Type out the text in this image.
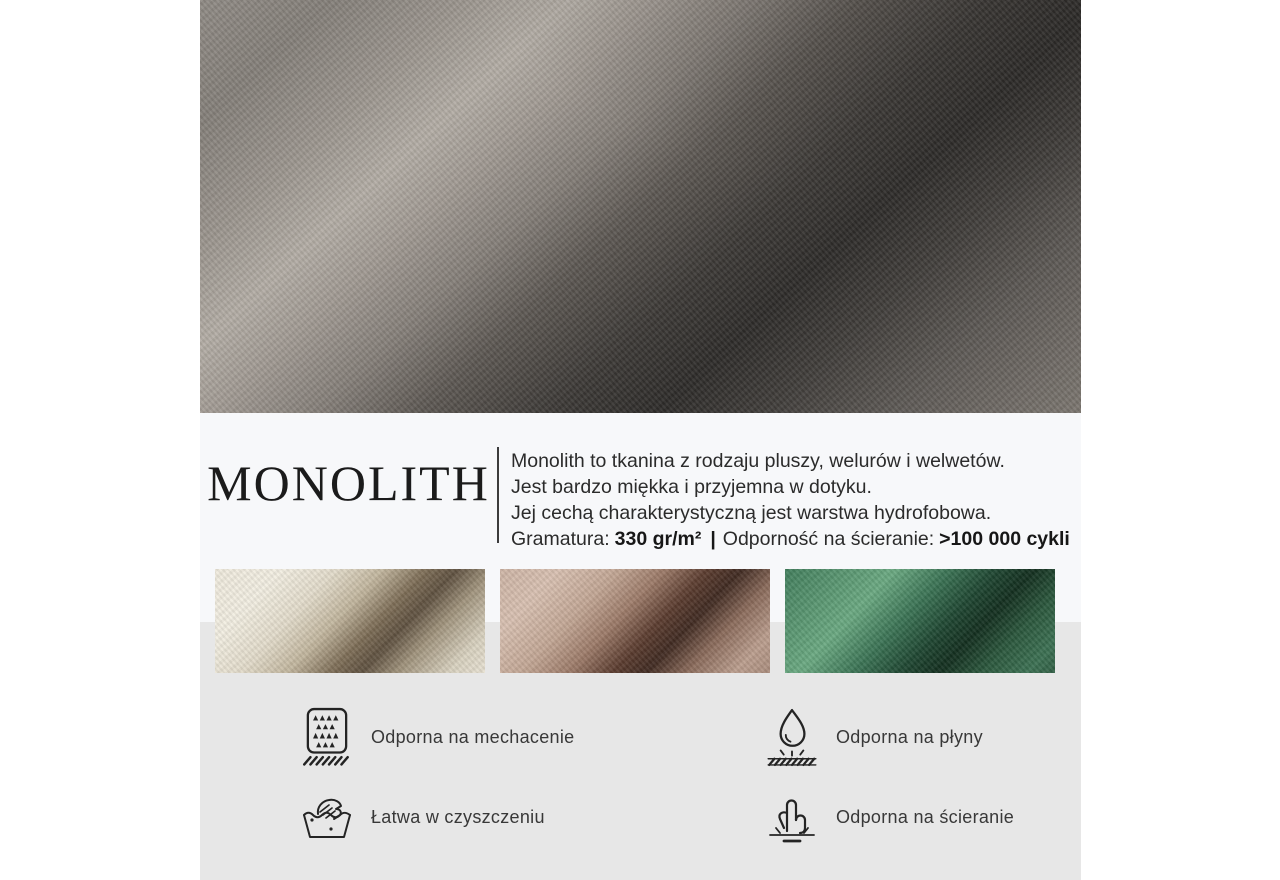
MONOLITH	Monolith to tkanina z rodzaju pluszy, welurów i welwetów.

Jest bardzo miękka i przyjemna w dotyku.

Jej cechą charakterystyczną jest warstwa hydrofobowa.

Gramatura: 330 gr/m² | Odporność na ścieranie: >100 000 cykli

Odporna na mechacenie	Odporna na płyny
Łatwa w czyszczeniu	Odporna na ścieranie
